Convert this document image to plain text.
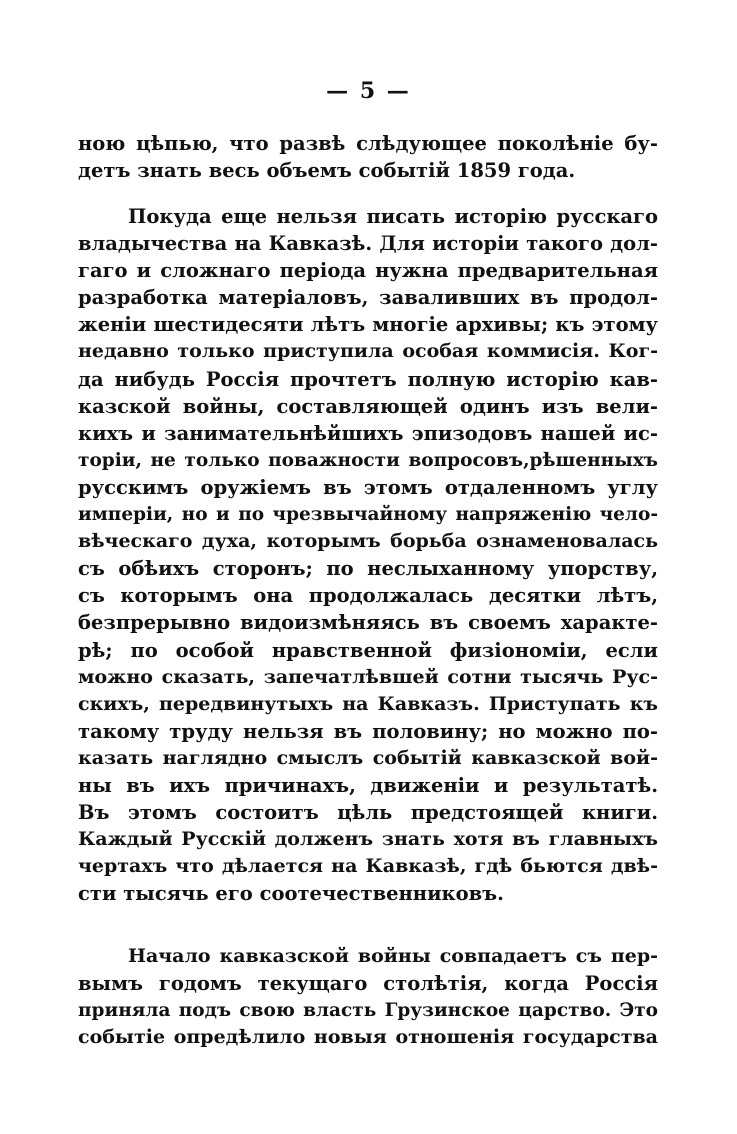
— 5 —
ною цѣпью, что развѣ слѣдующее поколѣніе бу-
детъ знать весь объемъ событій 1859 года.
Покуда еще нельзя писать исторію русскаго
владычества на Кавказѣ. Для исторіи такого дол-
гаго и сложнаго періода нужна предварительная
разработка матеріаловъ, заваливших въ продол-
женіи шестидесяти лѣтъ многіе архивы; къ этому
недавно только приступила особая коммисія. Ког-
да нибудь Россія прочтетъ полную исторію кав-
казской войны, составляющей одинъ изъ вели-
кихъ и занимательнѣйшихъ эпизодовъ нашей ис-
торіи, не только поважности вопросовъ,рѣшенныхъ
русскимъ оружіемъ въ этомъ отдаленномъ углу
имперіи, но и по чрезвычайному напряженію чело-
вѣческаго духа, которымъ борьба ознаменовалась
съ обѣихъ сторонъ; по неслыханному упорству,
съ которымъ она продолжалась десятки лѣтъ,
безпрерывно видоизмѣняясь въ своемъ характе-
рѣ; по особой нравственной физіономіи, если
можно сказать, запечатлѣвшей сотни тысячь Рус-
скихъ, передвинутыхъ на Кавказъ. Приступать къ
такому труду нельзя въ половину; но можно по-
казать наглядно смыслъ событій кавказской вой-
ны въ ихъ причинахъ, движеніи и результатѣ.
Въ этомъ состоитъ цѣль предстоящей книги.
Каждый Русскій долженъ знать хотя въ главныхъ
чертахъ что дѣлается на Кавказѣ, гдѣ бьются двѣ-
сти тысячь его соотечественниковъ.
Начало кавказской войны совпадаетъ съ пер-
вымъ годомъ текущаго столѣтія, когда Россія
приняла подъ свою власть Грузинское царство. Это
событіе опредѣлило новыя отношенія государства
